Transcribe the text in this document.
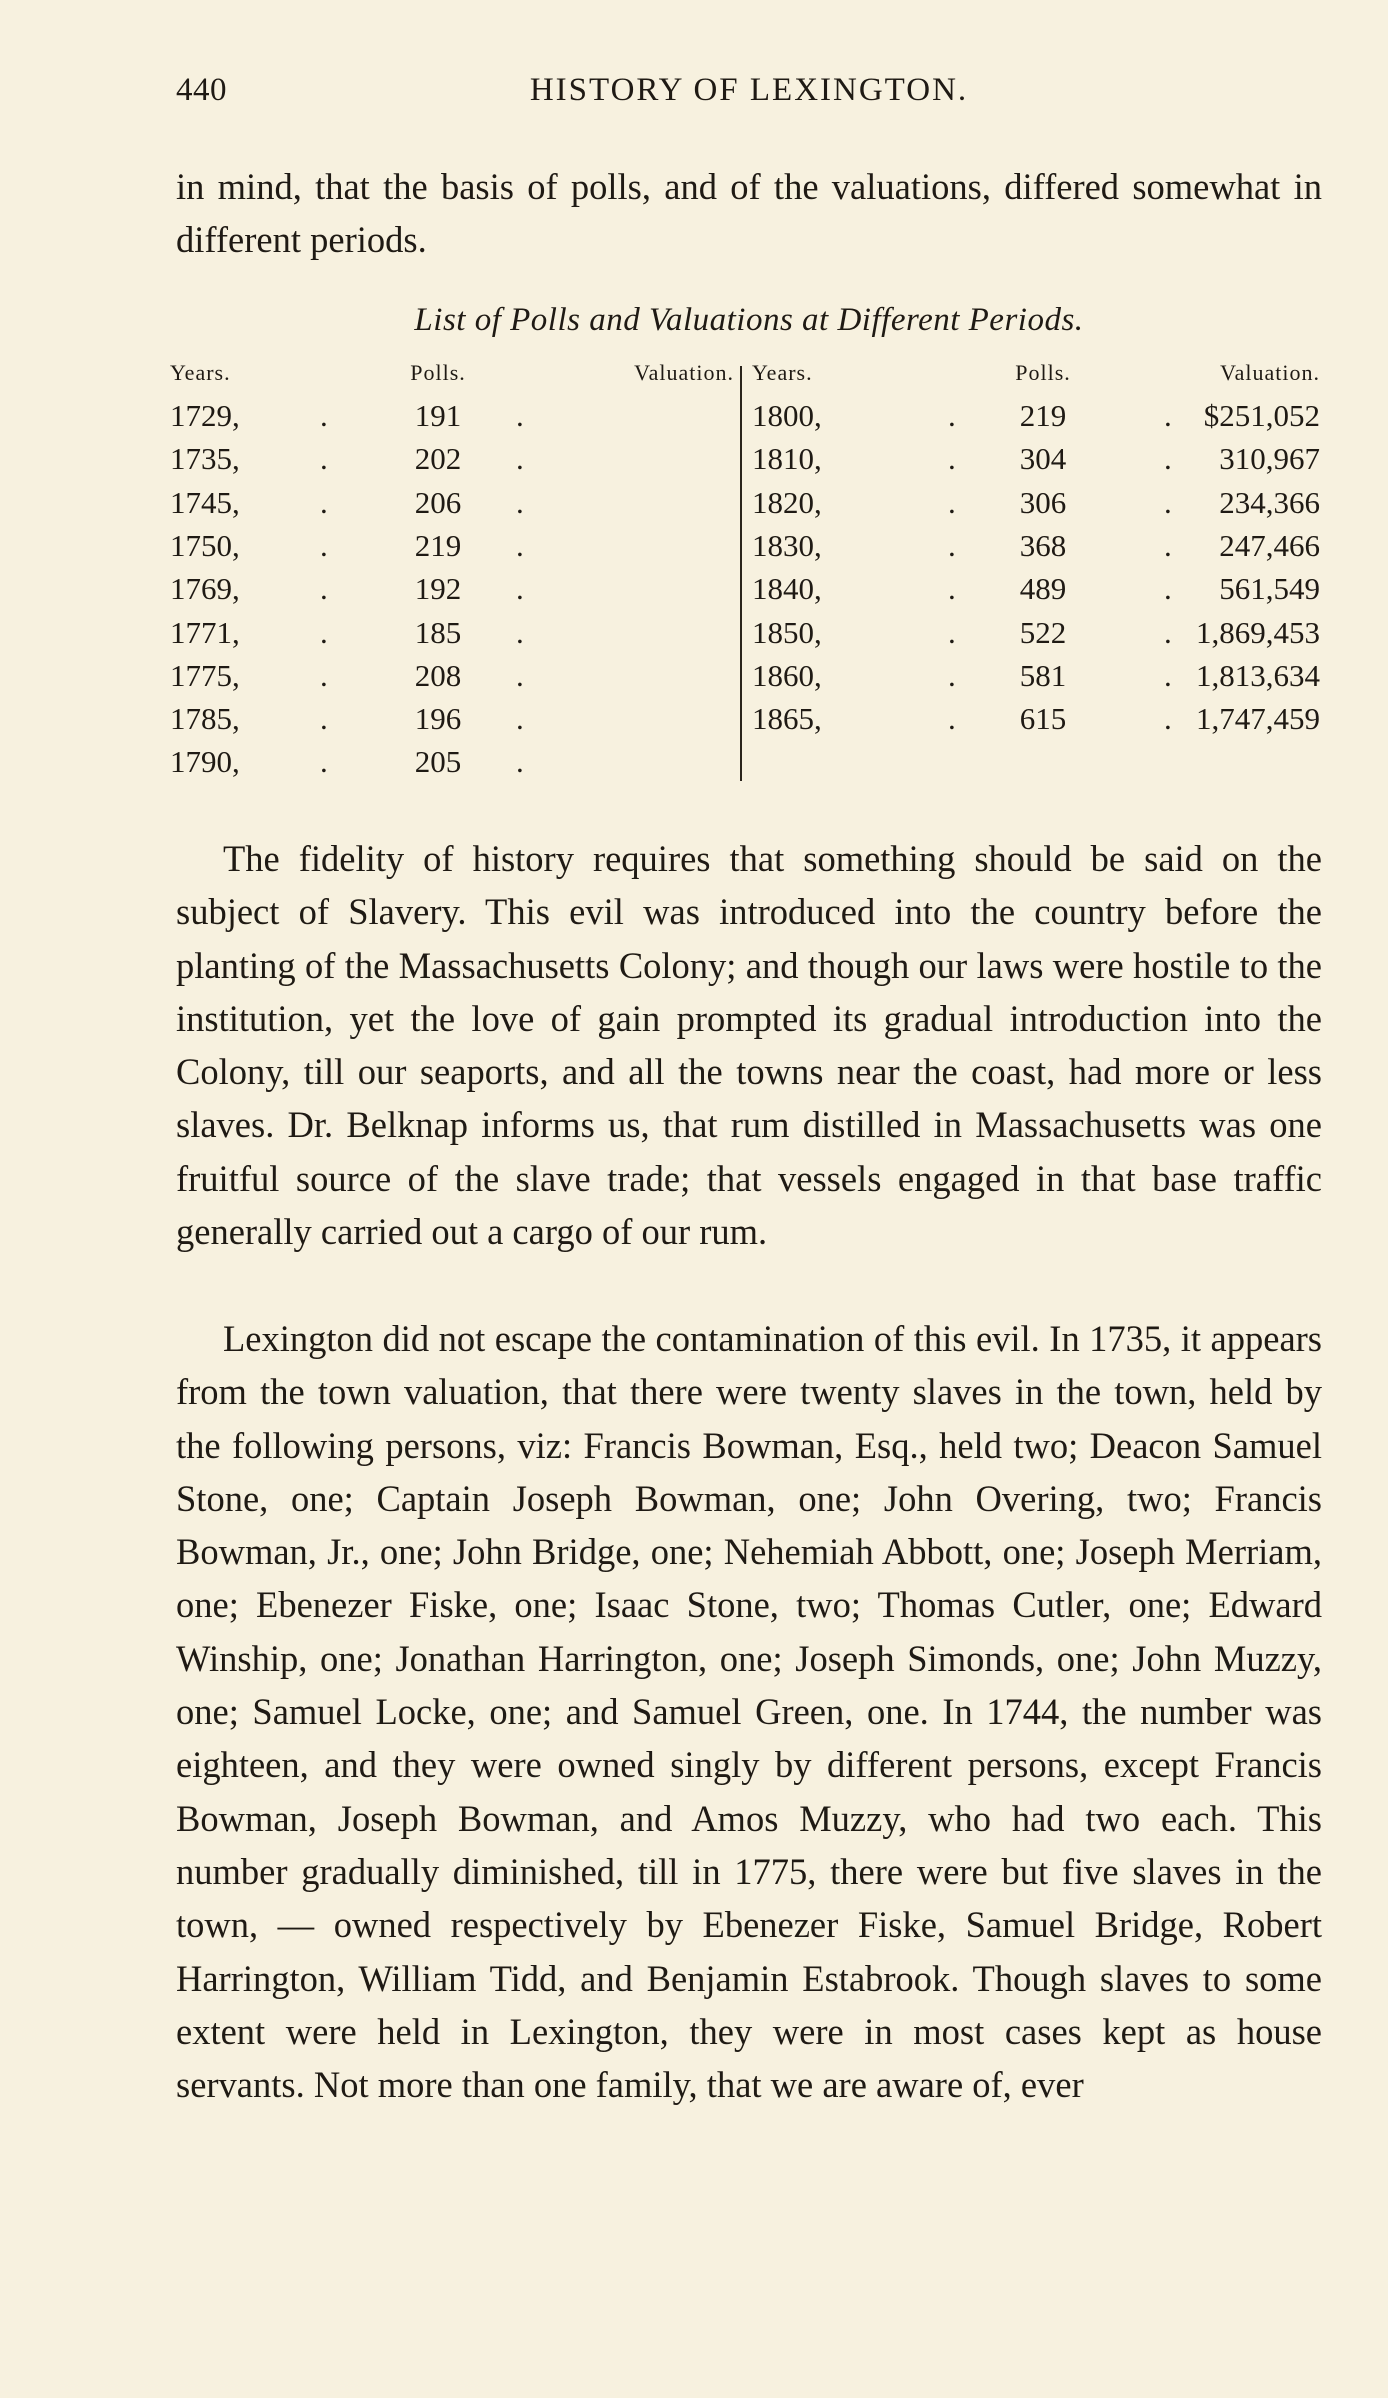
440	HISTORY OF LEXINGTON.
in mind, that the basis of polls, and of the valuations, differed somewhat in different periods.
List of Polls and Valuations at Different Periods.
Years.	Polls.	Valuation.
1729,	.	191	.
1735,	.	202	.
1745,	.	206	.
1750,	.	219	.
1769,	.	192	.
1771,	.	185	.
1775,	.	208	.
1785,	.	196	.
1790,	.	205	.
Years.	Polls.	Valuation.
1800,	.	219	. $251,052
1810,	.	304	. 310,967
1820,	.	306	. 234,366
1830,	.	368	. 247,466
1840,	.	489	. 561,549
1850,	.	522	. 1,869,453
1860,	.	581	. 1,813,634
1865,	.	615	. 1,747,459
The fidelity of history requires that something should be said on the subject of Slavery. This evil was introduced into the country before the planting of the Massachusetts Colony; and though our laws were hostile to the institution, yet the love of gain prompted its gradual introduction into the Colony, till our seaports, and all the towns near the coast, had more or less slaves. Dr. Belknap informs us, that rum distilled in Massachusetts was one fruitful source of the slave trade; that vessels engaged in that base traffic generally carried out a cargo of our rum.
Lexington did not escape the contamination of this evil. In 1735, it appears from the town valuation, that there were twenty slaves in the town, held by the following persons, viz: Francis Bowman, Esq., held two; Deacon Samuel Stone, one; Captain Joseph Bowman, one; John Overing, two; Francis Bowman, Jr., one; John Bridge, one; Nehemiah Abbott, one; Joseph Merriam, one; Ebenezer Fiske, one; Isaac Stone, two; Thomas Cutler, one; Edward Winship, one; Jonathan Harrington, one; Joseph Simonds, one; John Muzzy, one; Samuel Locke, one; and Samuel Green, one. In 1744, the number was eighteen, and they were owned singly by different persons, except Francis Bowman, Joseph Bowman, and Amos Muzzy, who had two each. This number gradually diminished, till in 1775, there were but five slaves in the town, — owned respectively by Ebenezer Fiske, Samuel Bridge, Robert Harrington, William Tidd, and Benjamin Estabrook. Though slaves to some extent were held in Lexington, they were in most cases kept as house servants. Not more than one family, that we are aware of, ever
